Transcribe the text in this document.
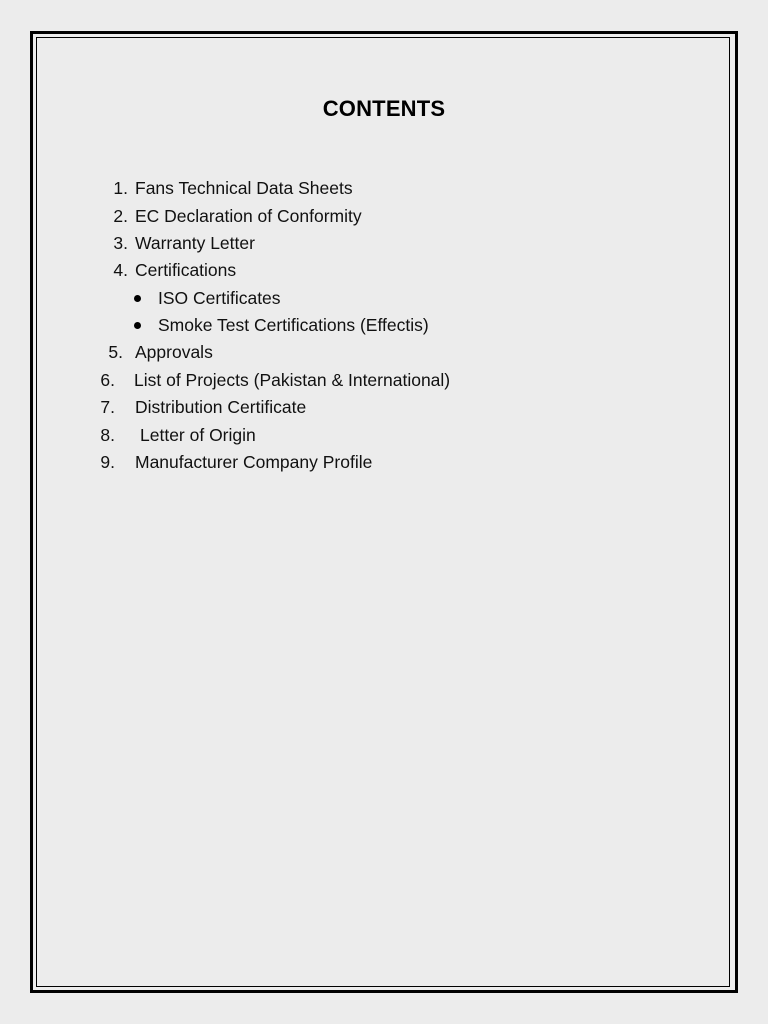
CONTENTS
1. Fans Technical Data Sheets
2. EC Declaration of Conformity
3. Warranty Letter
4. Certifications
ISO Certificates
Smoke Test Certifications (Effectis)
5. Approvals
6. List of Projects (Pakistan & International)
7. Distribution Certificate
8. Letter of Origin
9. Manufacturer Company Profile
